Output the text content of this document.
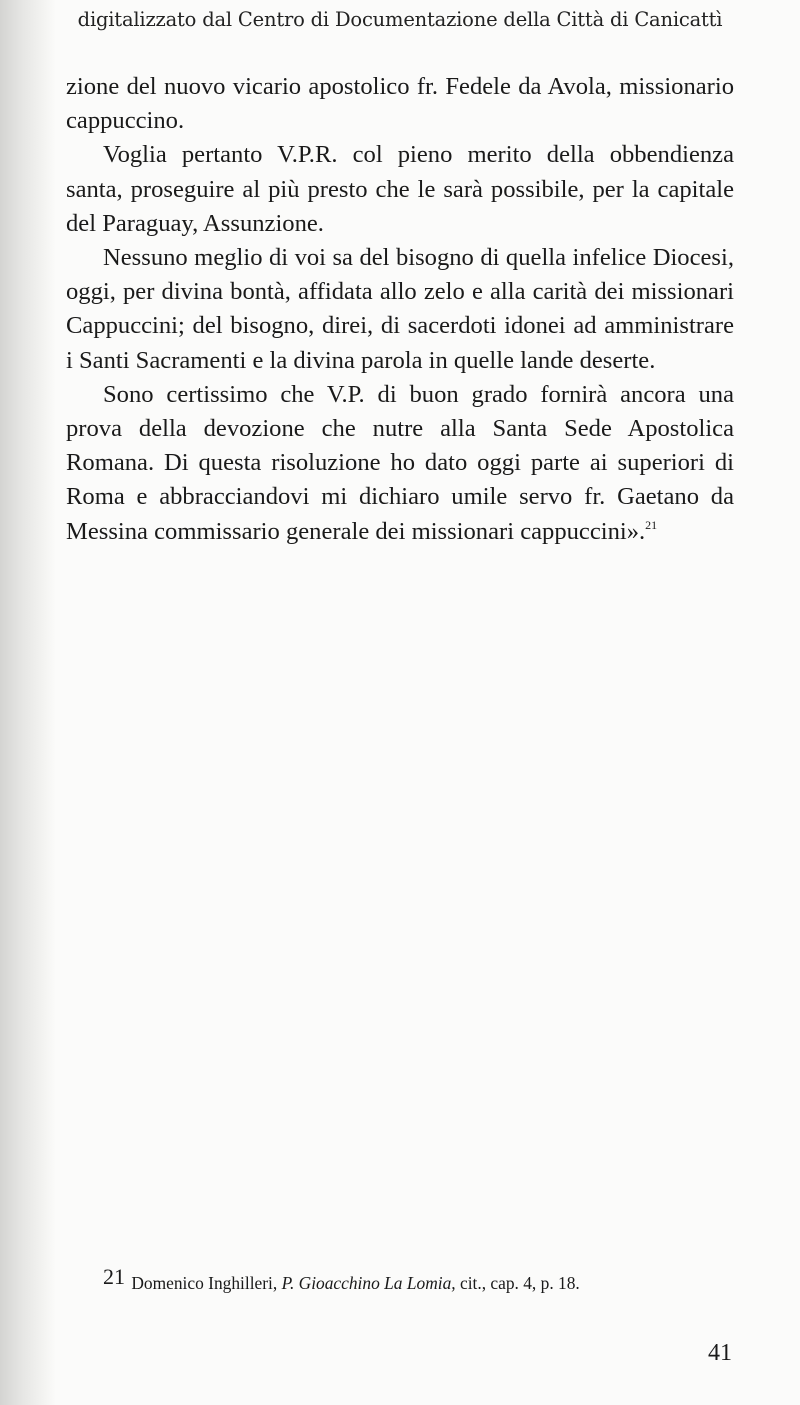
digitalizzato dal Centro di Documentazione della Città di Canicattì

zione del nuovo vicario apostolico fr. Fedele da Avola, missionario cappuccino.

Voglia pertanto V.P.R. col pieno merito della obbendienza santa, proseguire al più presto che le sarà possibile, per la capitale del Paraguay, Assunzione.

Nessuno meglio di voi sa del bisogno di quella infelice Diocesi, oggi, per divina bontà, affidata allo zelo e alla carità dei missionari Cappuccini; del bisogno, direi, di sacerdoti idonei ad amministrare i Santi Sacramenti e la divina parola in quelle lande deserte.

Sono certissimo che V.P. di buon grado fornirà ancora una prova della devozione che nutre alla Santa Sede Apostolica Romana. Di questa risoluzione ho dato oggi parte ai superiori di Roma e abbracciandovi mi dichiaro umile servo fr. Gaetano da Messina commissario generale dei missionari cappuccini».$^{21}$

21 Domenico Inghilleri, P. Gioacchino La Lomia, cit., cap. 4, p. 18.
41
